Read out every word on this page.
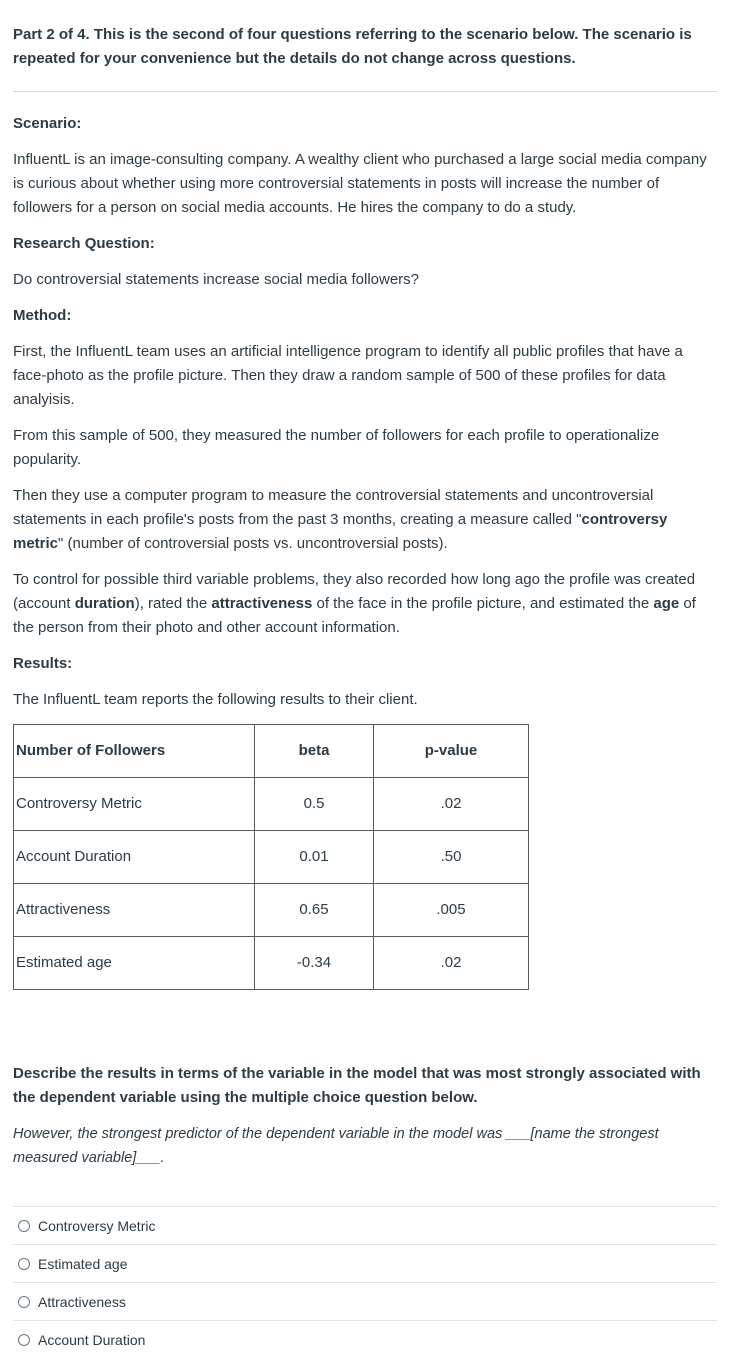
Part 2 of 4. This is the second of four questions referring to the scenario below. The scenario is repeated for your convenience but the details do not change across questions.

Scenario:

InfluentL is an image-consulting company. A wealthy client who purchased a large social media company is curious about whether using more controversial statements in posts will increase the number of followers for a person on social media accounts. He hires the company to do a study.

Research Question:

Do controversial statements increase social media followers?

Method:

First, the InfluentL team uses an artificial intelligence program to identify all public profiles that have a face-photo as the profile picture. Then they draw a random sample of 500 of these profiles for data analyisis.

From this sample of 500, they measured the number of followers for each profile to operationalize popularity.

Then they use a computer program to measure the controversial statements and uncontroversial statements in each profile's posts from the past 3 months, creating a measure called "controversy metric" (number of controversial posts vs. uncontroversial posts).

To control for possible third variable problems, they also recorded how long ago the profile was created (account duration), rated the attractiveness of the face in the profile picture, and estimated the age of the person from their photo and other account information.

Results:

The InfluentL team reports the following results to their client.

Number of Followers	beta	p-value
Controversy Metric	0.5	.02
Account Duration	0.01	.50
Attractiveness	0.65	.005
Estimated age	-0.34	.02

Describe the results in terms of the variable in the model that was most strongly associated with the dependent variable using the multiple choice question below.

However, the strongest predictor of the dependent variable in the model was ___[name the strongest measured variable]___.

Controversy Metric
Estimated age
Attractiveness
Account Duration
